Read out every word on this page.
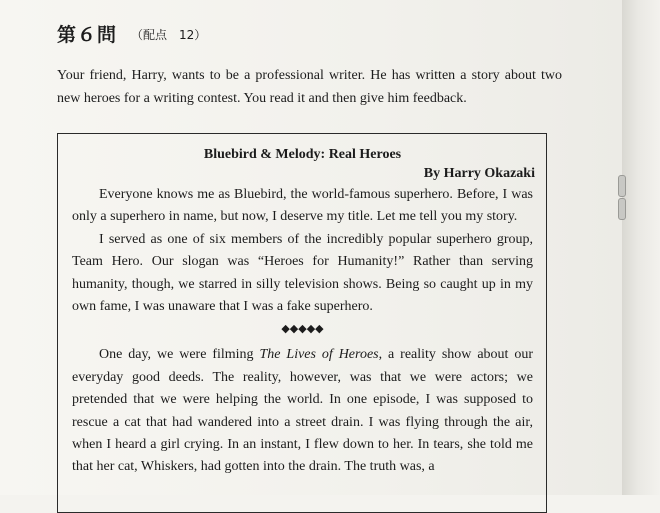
第６問 （配点　12）
Your friend, Harry, wants to be a professional writer. He has written a story about two new heroes for a writing contest. You read it and then give him feedback.
Bluebird & Melody: Real Heroes
By Harry Okazaki

Everyone knows me as Bluebird, the world-famous superhero. Before, I was only a superhero in name, but now, I deserve my title. Let me tell you my story.

I served as one of six members of the incredibly popular superhero group, Team Hero. Our slogan was “Heroes for Humanity!” Rather than serving humanity, though, we starred in silly television shows. Being so caught up in my own fame, I was unaware that I was a fake superhero.

◆◆◆◆◆

One day, we were filming The Lives of Heroes, a reality show about our everyday good deeds. The reality, however, was that we were actors; we pretended that we were helping the world. In one episode, I was supposed to rescue a cat that had wandered into a street drain. I was flying through the air, when I heard a girl crying. In an instant, I flew down to her. In tears, she told me that her cat, Whiskers, had gotten into the drain. The truth was, a
